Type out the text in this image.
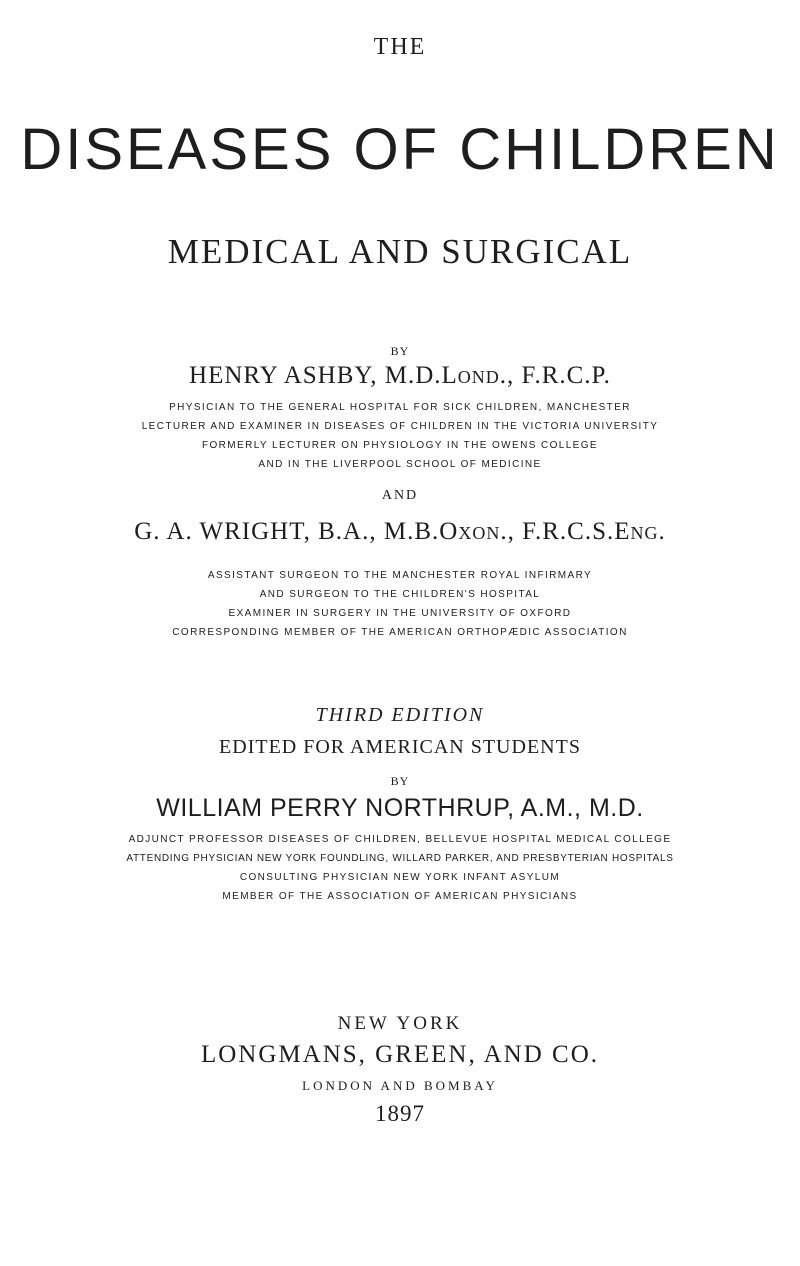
THE
DISEASES OF CHILDREN
MEDICAL AND SURGICAL
BY
HENRY ASHBY, M.D.LOND., F.R.C.P.
PHYSICIAN TO THE GENERAL HOSPITAL FOR SICK CHILDREN, MANCHESTER
LECTURER AND EXAMINER IN DISEASES OF CHILDREN IN THE VICTORIA UNIVERSITY
FORMERLY LECTURER ON PHYSIOLOGY IN THE OWENS COLLEGE
AND IN THE LIVERPOOL SCHOOL OF MEDICINE
AND
G. A. WRIGHT, B.A., M.B.OXON., F.R.C.S.ENG.
ASSISTANT SURGEON TO THE MANCHESTER ROYAL INFIRMARY
AND SURGEON TO THE CHILDREN'S HOSPITAL
EXAMINER IN SURGERY IN THE UNIVERSITY OF OXFORD
CORRESPONDING MEMBER OF THE AMERICAN ORTHOPÆDIC ASSOCIATION
THIRD EDITION
EDITED FOR AMERICAN STUDENTS
BY
WILLIAM PERRY NORTHRUP, A.M., M.D.
ADJUNCT PROFESSOR DISEASES OF CHILDREN, BELLEVUE HOSPITAL MEDICAL COLLEGE
ATTENDING PHYSICIAN NEW YORK FOUNDLING, WILLARD PARKER, AND PRESBYTERIAN HOSPITALS
CONSULTING PHYSICIAN NEW YORK INFANT ASYLUM
MEMBER OF THE ASSOCIATION OF AMERICAN PHYSICIANS
NEW YORK
LONGMANS, GREEN, AND CO.
LONDON AND BOMBAY
1897
